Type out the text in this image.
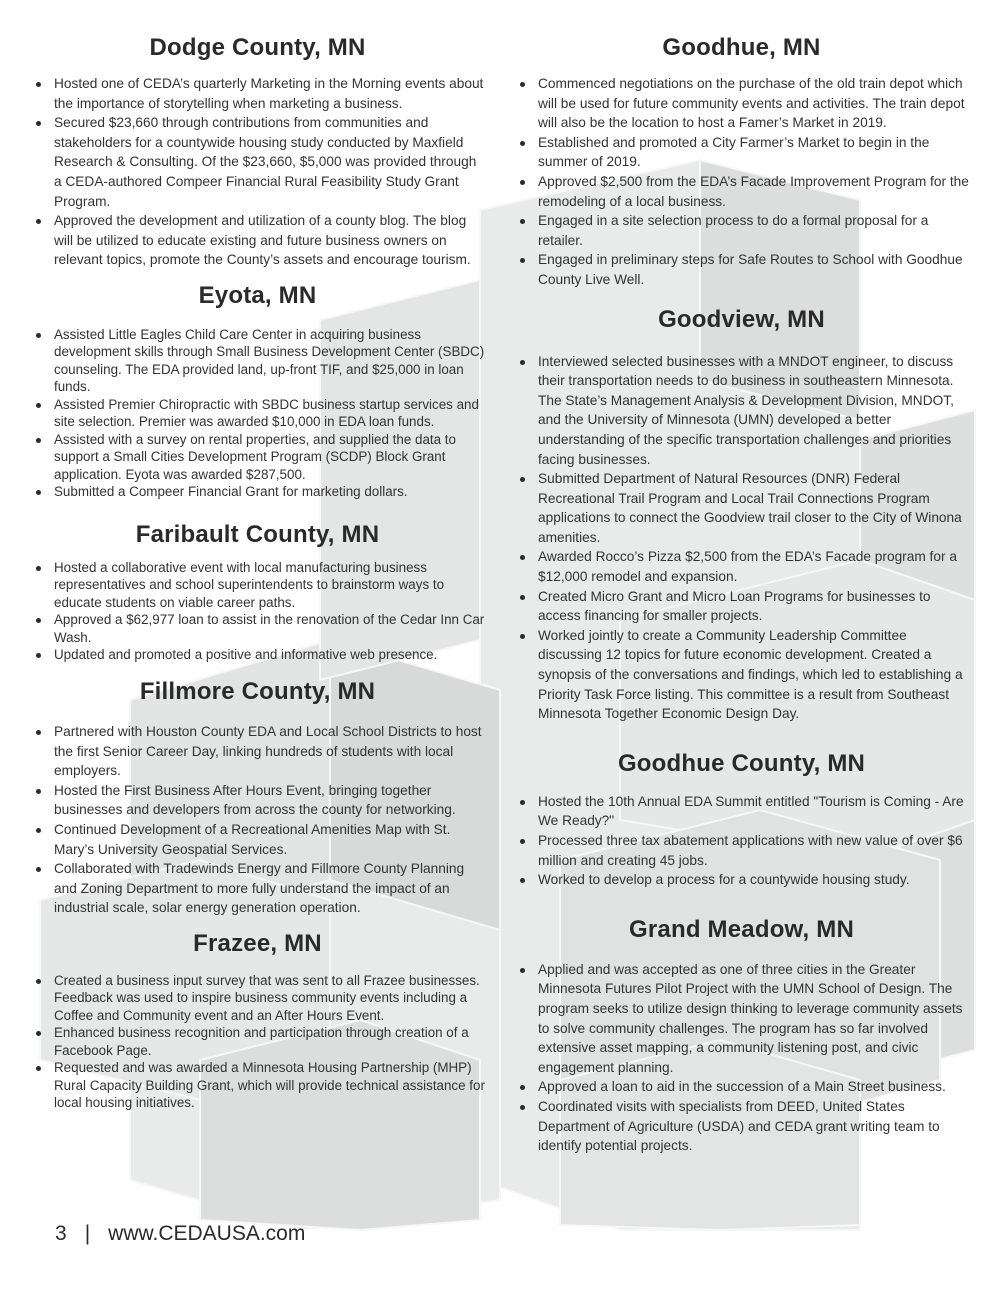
Dodge County, MN
Hosted one of CEDA’s quarterly Marketing in the Morning events about the importance of storytelling when marketing a business.
Secured $23,660 through contributions from communities and stakeholders for a countywide housing study conducted by Maxfield Research & Consulting. Of the $23,660, $5,000 was provided through a CEDA-authored Compeer Financial Rural Feasibility Study Grant Program.
Approved the development and utilization of a county blog. The blog will be utilized to educate existing and future business owners on relevant topics, promote the County’s assets and encourage tourism.
Eyota, MN
Assisted Little Eagles Child Care Center in acquiring business development skills through Small Business Development Center (SBDC) counseling. The EDA provided land, up-front TIF, and $25,000 in loan funds.
Assisted Premier Chiropractic with SBDC business startup services and site selection. Premier was awarded $10,000 in EDA loan funds.
Assisted with a survey on rental properties, and supplied the data to support a Small Cities Development Program (SCDP) Block Grant application. Eyota was awarded $287,500.
Submitted a Compeer Financial Grant for marketing dollars.
Faribault County, MN
Hosted a collaborative event with local manufacturing business representatives and school superintendents to brainstorm ways to educate students on viable career paths.
Approved a $62,977 loan to assist in the renovation of the Cedar Inn Car Wash.
Updated and promoted a positive and informative web presence.
Fillmore County, MN
Partnered with Houston County EDA and Local School Districts to host the first Senior Career Day, linking hundreds of students with local employers.
Hosted the First Business After Hours Event, bringing together businesses and developers from across the county for networking.
Continued Development of a Recreational Amenities Map with St. Mary’s University Geospatial Services.
Collaborated with Tradewinds Energy and Fillmore County Planning and Zoning Department to more fully understand the impact of an industrial scale, solar energy generation operation.
Frazee, MN
Created a business input survey that was sent to all Frazee businesses. Feedback was used to inspire business community events including a Coffee and Community event and an After Hours Event.
Enhanced business recognition and participation through creation of a Facebook Page.
Requested and was awarded a Minnesota Housing Partnership (MHP) Rural Capacity Building Grant, which will provide technical assistance for local housing initiatives.
Goodhue, MN
Commenced negotiations on the purchase of the old train depot which will be used for future community events and activities. The train depot will also be the location to host a Famer’s Market in 2019.
Established and promoted a City Farmer’s Market to begin in the summer of 2019.
Approved $2,500 from the EDA’s Facade Improvement Program for the remodeling of a local business.
Engaged in a site selection process to do a formal proposal for a retailer.
Engaged in preliminary steps for Safe Routes to School with Goodhue County Live Well.
Goodview, MN
Interviewed selected businesses with a MNDOT engineer, to discuss their transportation needs to do business in southeastern Minnesota. The State’s Management Analysis & Development Division, MNDOT, and the University of Minnesota (UMN) developed a better understanding of the specific transportation challenges and priorities facing businesses.
Submitted Department of Natural Resources (DNR) Federal Recreational Trail Program and Local Trail Connections Program applications to connect the Goodview trail closer to the City of Winona amenities.
Awarded Rocco’s Pizza $2,500 from the EDA’s Facade program for a $12,000 remodel and expansion.
Created Micro Grant and Micro Loan Programs for businesses to access financing for smaller projects.
Worked jointly to create a Community Leadership Committee discussing 12 topics for future economic development. Created a synopsis of the conversations and findings, which led to establishing a Priority Task Force listing. This committee is a result from Southeast Minnesota Together Economic Design Day.
Goodhue County, MN
Hosted the 10th Annual EDA Summit entitled "Tourism is Coming - Are We Ready?"
Processed three tax abatement applications with new value of over $6 million and creating 45 jobs.
Worked to develop a process for a countywide housing study.
Grand Meadow, MN
Applied and was accepted as one of three cities in the Greater Minnesota Futures Pilot Project with the UMN School of Design. The program seeks to utilize design thinking to leverage community assets to solve community challenges. The program has so far involved extensive asset mapping, a community listening post, and civic engagement planning.
Approved a loan to aid in the succession of a Main Street business.
Coordinated visits with specialists from DEED, United States Department of Agriculture (USDA) and CEDA grant writing team to identify potential projects.
3 | www.CEDAUSA.com
